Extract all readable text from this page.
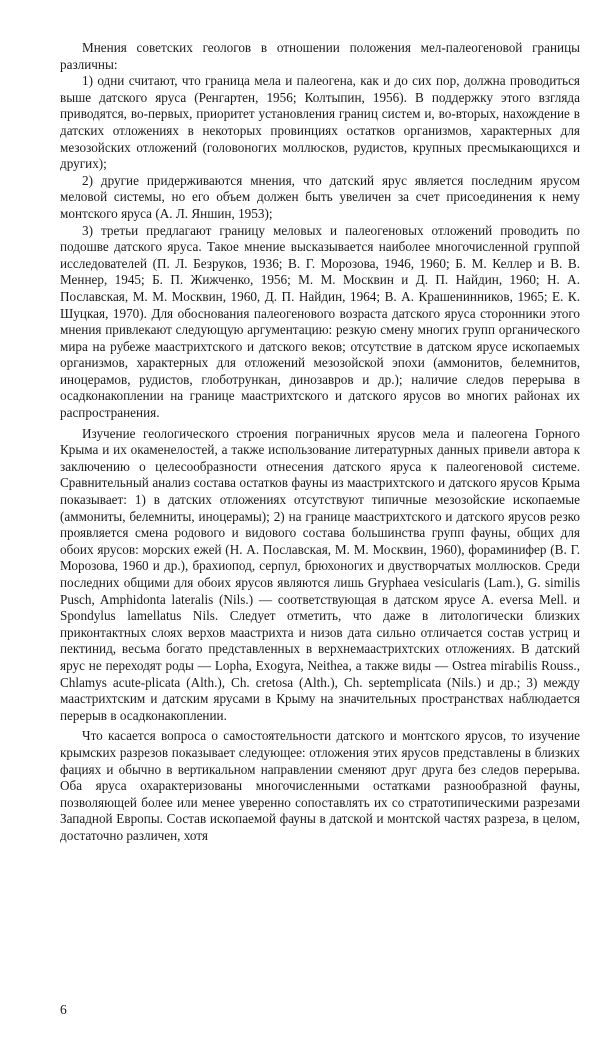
Мнения советских геологов в отношении положения мел-палеогеновой границы различны:

1) одни считают, что граница мела и палеогена, как и до сих пор, должна проводиться выше датского яруса (Ренгартен, 1956; Колтыпин, 1956). В поддержку этого взгляда приводятся, во-первых, приоритет установления границ систем и, во-вторых, нахождение в датских отложениях в некоторых провинциях остатков организмов, характерных для мезозойских отложений (головоногих моллюсков, рудистов, крупных пресмыкающихся и других);

2) другие придерживаются мнения, что датский ярус является последним ярусом меловой системы, но его объем должен быть увеличен за счет присоединения к нему монтского яруса (А. Л. Яншин, 1953);

3) третьи предлагают границу меловых и палеогеновых отложений проводить по подошве датского яруса. Такое мнение высказывается наиболее многочисленной группой исследователей (П. Л. Безруков, 1936; В. Г. Морозова, 1946, 1960; Б. М. Келлер и В. В. Меннер, 1945; Б. П. Жижченко, 1956; М. М. Москвин и Д. П. Найдин, 1960; Н. А. Пославская, М. М. Москвин, 1960, Д. П. Найдин, 1964; В. А. Крашенинников, 1965; Е. К. Шуцкая, 1970). Для обоснования палеогенового возраста датского яруса сторонники этого мнения привлекают следующую аргументацию: резкую смену многих групп органического мира на рубеже маастрихтского и датского веков; отсутствие в датском ярусе ископаемых организмов, характерных для отложений мезозойской эпохи (аммонитов, белемнитов, иноцерамов, рудистов, глоботрункан, динозавров и др.); наличие следов перерыва в осадконакоплении на границе маастрихтского и датского ярусов во многих районах их распространения.

Изучение геологического строения пограничных ярусов мела и палеогена Горного Крыма и их окаменелостей, а также использование литературных данных привели автора к заключению о целесообразности отнесения датского яруса к палеогеновой системе. Сравнительный анализ состава остатков фауны из маастрихтского и датского ярусов Крыма показывает: 1) в датских отложениях отсутствуют типичные мезозойские ископаемые (аммониты, белемниты, иноцерамы); 2) на границе маастрихтского и датского ярусов резко проявляется смена родового и видового состава большинства групп фауны, общих для обоих ярусов: морских ежей (Н. А. Пославская, М. М. Москвин, 1960), фораминифер (В. Г. Морозова, 1960 и др.), брахиопод, серпул, брюхоногих и двустворчатых моллюсков. Среди последних общими для обоих ярусов являются лишь Gryphaea vesicularis (Lam.), G. similis Pusch, Amphidonta lateralis (Nils.) — соответствующая в датском ярусе A. eversa Mell. и Spondylus lamellatus Nils. Следует отметить, что даже в литологически близких приконтактных слоях верхов маастрихта и низов дата сильно отличается состав устриц и пектинид, весьма богато представленных в верхнемаастрихтских отложениях. В датский ярус не переходят роды — Lopha, Exogyra, Neithea, а также виды — Ostrea mirabilis Rouss., Chlamys acute-plicata (Alth.), Ch. cretosa (Alth.), Ch. septemplicata (Nils.) и др.; 3) между маастрихтским и датским ярусами в Крыму на значительных пространствах наблюдается перерыв в осадконакоплении.

Что касается вопроса о самостоятельности датского и монтского ярусов, то изучение крымских разрезов показывает следующее: отложения этих ярусов представлены в близких фациях и обычно в вертикальном направлении сменяют друг друга без следов перерыва. Оба яруса охарактеризованы многочисленными остатками разнообразной фауны, позволяющей более или менее уверенно сопоставлять их со стратотипическими разрезами Западной Европы. Состав ископаемой фауны в датской и монтской частях разреза, в целом, достаточно различен, хотя

6
